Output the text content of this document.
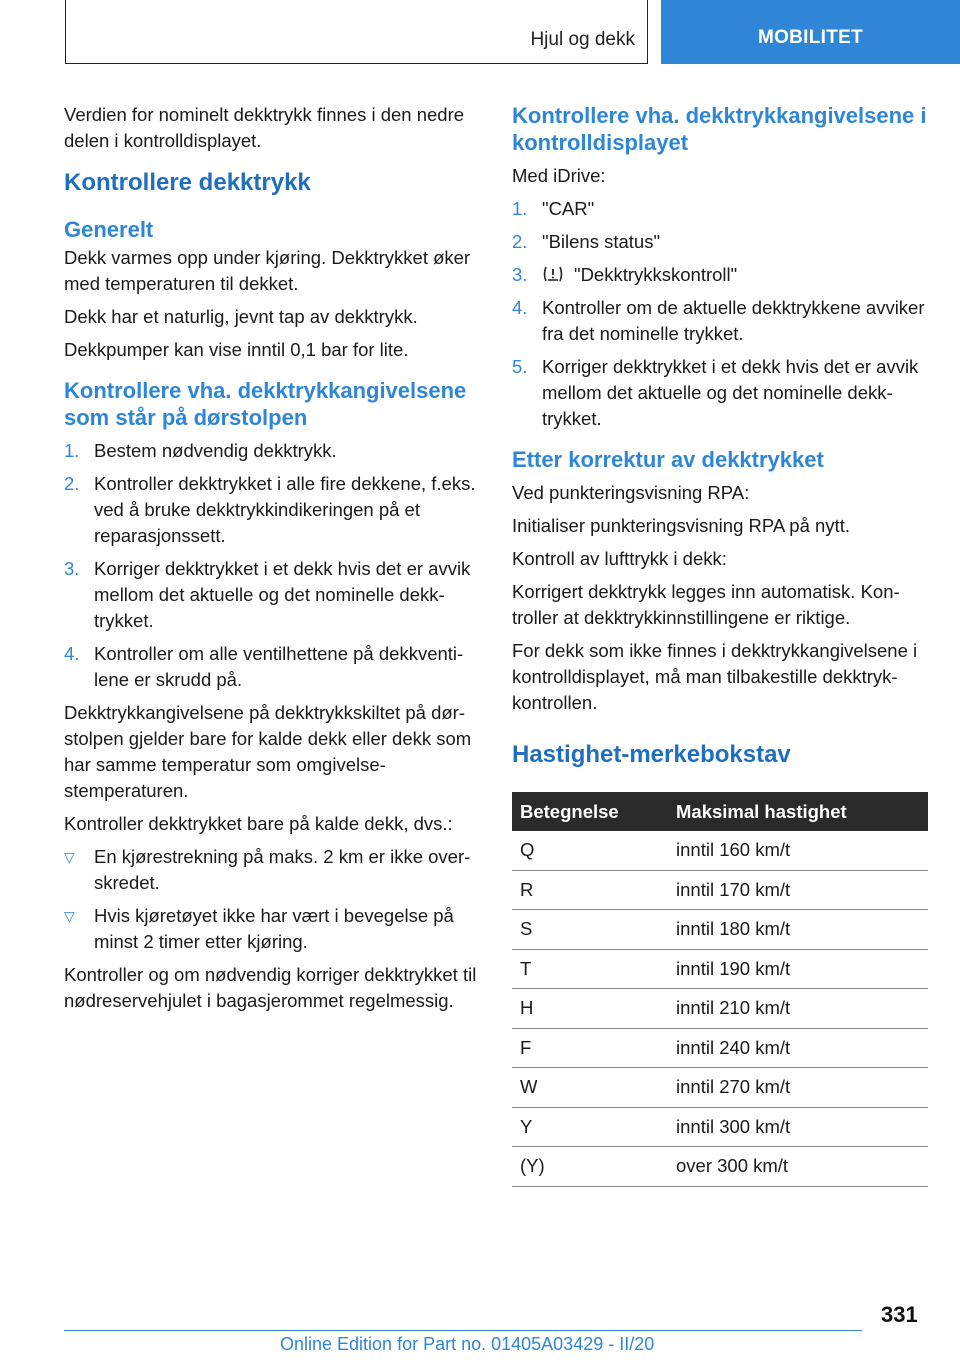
Hjul og dekk	MOBILITET

Verdien for nominelt dekktrykk finnes i den nedre delen i kontrolldisplayet.

Kontrollere dekktrykk
Generelt

Dekk varmes opp under kjøring. Dekktrykket øker med temperaturen til dekket.

Dekk har et naturlig, jevnt tap av dekktrykk.

Dekkpumper kan vise inntil 0,1 bar for lite.

Kontrollere vha. dekktrykkangivelsene som står på dørstolpen
1. Bestem nødvendig dekktrykk.
2. Kontroller dekktrykket i alle fire dekkene, f.eks. ved å bruke dekktrykkindikeringen på et reparasjonssett.
3. Korriger dekktrykket i et dekk hvis det er avvik mellom det aktuelle og det nominelle dekktrykket.
4. Kontroller om alle ventilhettene på dekkventilene er skrudd på.

Dekktrykkangivelsene på dekktrykkskiltet på dørstolpen gjelder bare for kalde dekk eller dekk som har samme temperatur som omgivelsestemperaturen.

Kontroller dekktrykket bare på kalde dekk, dvs.:

▽	En kjørestrekning på maks. 2 km er ikke overskredet.
▽	Hvis kjøretøyet ikke har vært i bevegelse på minst 2 timer etter kjøring.

Kontroller og om nødvendig korriger dekktrykket til nødreservehjulet i bagasjerommet regelmessig.

Kontrollere vha. dekktrykkangivelsene i kontrolldisplayet

Med iDrive:

1. "CAR"
2. "Bilens status"
3.	"Dekktrykkskontroll"
4. Kontroller om de aktuelle dekktrykkene avviker fra det nominelle trykket.
5. Korriger dekktrykket i et dekk hvis det er avvik mellom det aktuelle og det nominelle dekktrykket.
Etter korrektur av dekktrykket

Ved punkteringsvisning RPA:

Initialiser punkteringsvisning RPA på nytt.

Kontroll av lufttrykk i dekk:

Korrigert dekktrykk legges inn automatisk. Kontroller at dekktrykkinnstillingene er riktige.

For dekk som ikke finnes i dekktrykkangivelsene i kontrolldisplayet, må man tilbakestille dekktrykkontrollen.

Hastighet-merkebokstav
Betegnelse	Maksimal hastighet
Q	inntil 160 km/t
R	inntil 170 km/t
S	inntil 180 km/t
T	inntil 190 km/t
H	inntil 210 km/t
F	inntil 240 km/t
W	inntil 270 km/t
Y	inntil 300 km/t
(Y)	over 300 km/t
331
Online Edition for Part no. 01405A03429 - II/20
